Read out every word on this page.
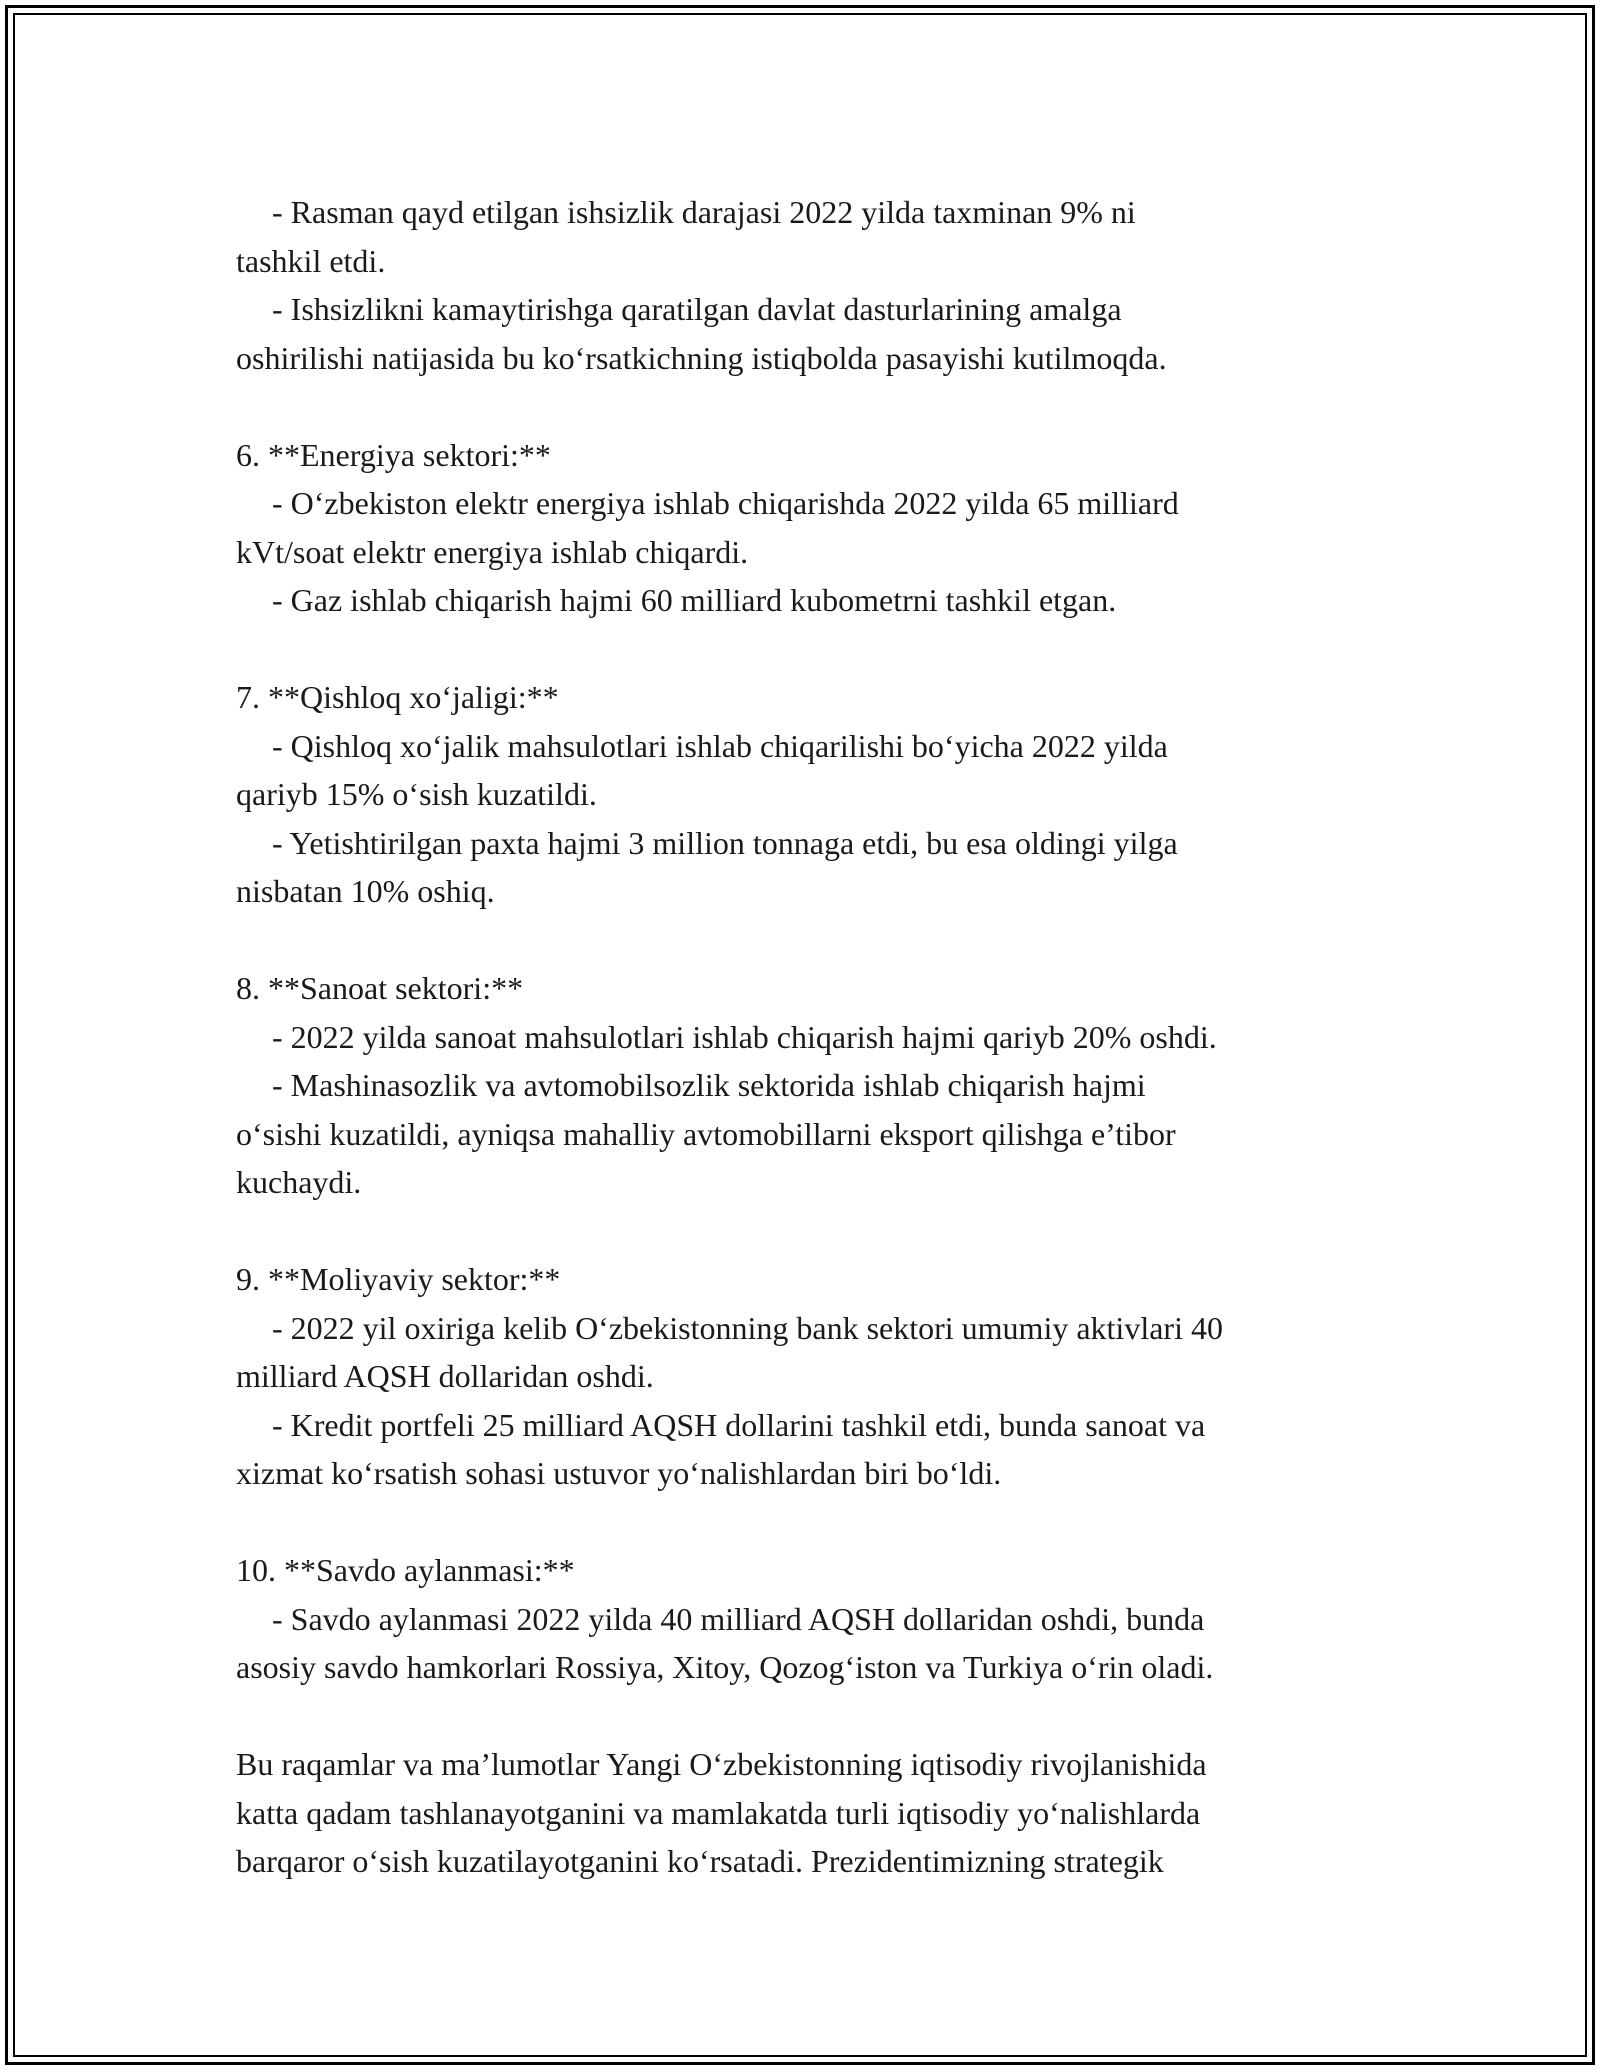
- Rasman qayd etilgan ishsizlik darajasi 2022 yilda taxminan 9% ni
tashkil etdi.
- Ishsizlikni kamaytirishga qaratilgan davlat dasturlarining amalga
oshirilishi natijasida bu ko‘rsatkichning istiqbolda pasayishi kutilmoqda.
6. **Energiya sektori:**
- O‘zbekiston elektr energiya ishlab chiqarishda 2022 yilda 65 milliard
kVt/soat elektr energiya ishlab chiqardi.
- Gaz ishlab chiqarish hajmi 60 milliard kubometrni tashkil etgan.
7. **Qishloq xo‘jaligi:**
- Qishloq xo‘jalik mahsulotlari ishlab chiqarilishi bo‘yicha 2022 yilda
qariyb 15% o‘sish kuzatildi.
- Yetishtirilgan paxta hajmi 3 million tonnaga etdi, bu esa oldingi yilga
nisbatan 10% oshiq.
8. **Sanoat sektori:**
- 2022 yilda sanoat mahsulotlari ishlab chiqarish hajmi qariyb 20% oshdi.
- Mashinasozlik va avtomobilsozlik sektorida ishlab chiqarish hajmi
o‘sishi kuzatildi, ayniqsa mahalliy avtomobillarni eksport qilishga e’tibor
kuchaydi.
9. **Moliyaviy sektor:**
- 2022 yil oxiriga kelib O‘zbekistonning bank sektori umumiy aktivlari 40
milliard AQSH dollaridan oshdi.
- Kredit portfeli 25 milliard AQSH dollarini tashkil etdi, bunda sanoat va
xizmat ko‘rsatish sohasi ustuvor yo‘nalishlardan biri bo‘ldi.
10. **Savdo aylanmasi:**
- Savdo aylanmasi 2022 yilda 40 milliard AQSH dollaridan oshdi, bunda
asosiy savdo hamkorlari Rossiya, Xitoy, Qozog‘iston va Turkiya o‘rin oladi.
Bu raqamlar va ma’lumotlar Yangi O‘zbekistonning iqtisodiy rivojlanishida
katta qadam tashlanayotganini va mamlakatda turli iqtisodiy yo‘nalishlarda
barqaror o‘sish kuzatilayotganini ko‘rsatadi. Prezidentimizning strategik
